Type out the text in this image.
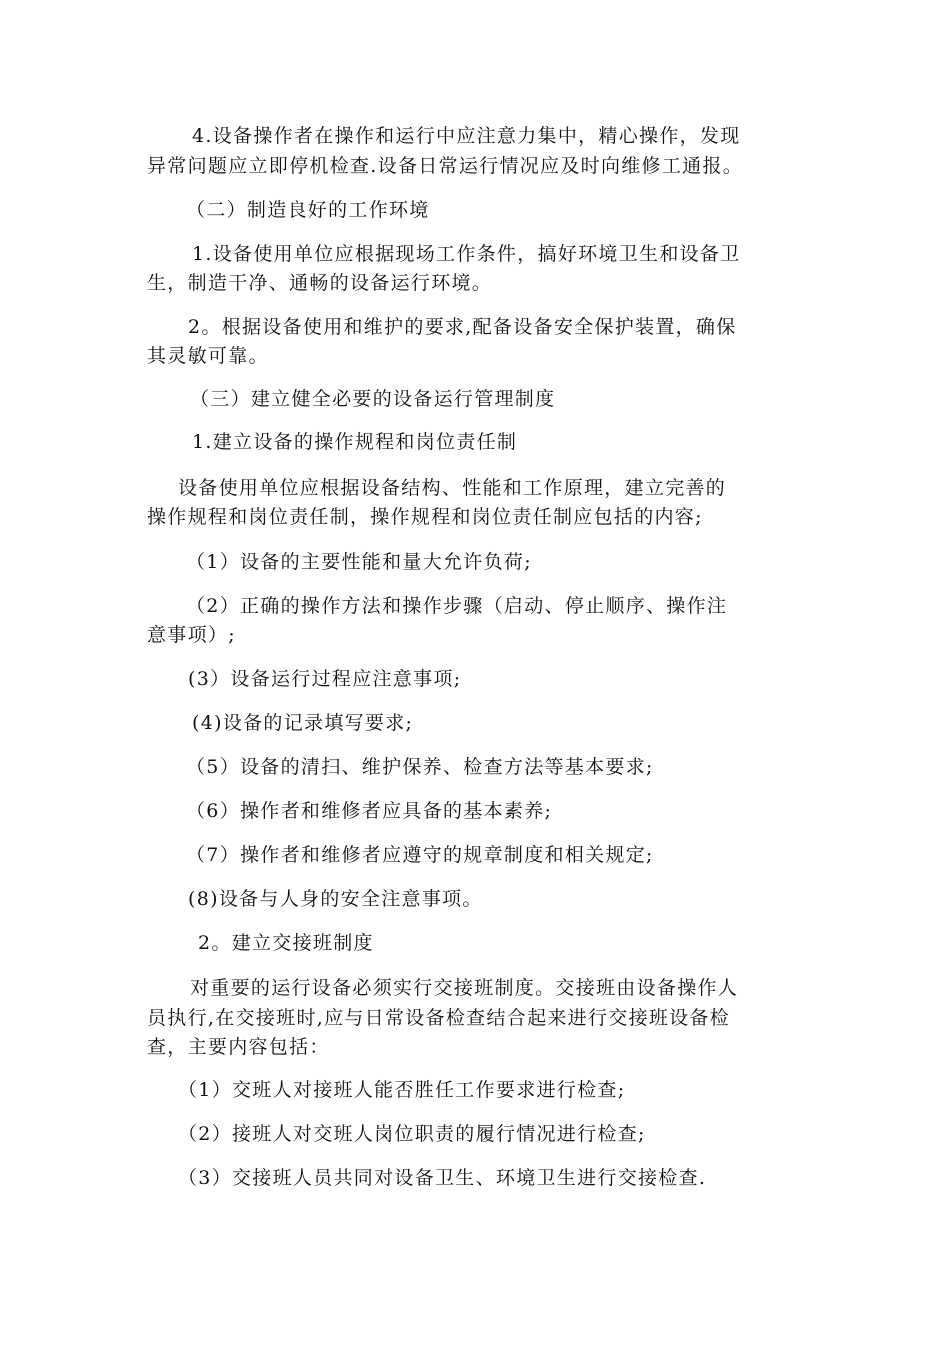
4.设备操作者在操作和运行中应注意力集中，精心操作，发现
异常问题应立即停机检查.设备日常运行情况应及时向维修工通报。
（二）制造良好的工作环境
1.设备使用单位应根据现场工作条件，搞好环境卫生和设备卫
生，制造干净、通畅的设备运行环境。
2。根据设备使用和维护的要求,配备设备安全保护装置，确保
其灵敏可靠。
（三）建立健全必要的设备运行管理制度
1.建立设备的操作规程和岗位责任制
设备使用单位应根据设备结构、性能和工作原理，建立完善的
操作规程和岗位责任制，操作规程和岗位责任制应包括的内容;
（1）设备的主要性能和量大允许负荷;
（2）正确的操作方法和操作步骤（启动、停止顺序、操作注
意事项）;
(3）设备运行过程应注意事项;
(4)设备的记录填写要求;
（5）设备的清扫、维护保养、检查方法等基本要求;
（6）操作者和维修者应具备的基本素养;
（7）操作者和维修者应遵守的规章制度和相关规定;
(8)设备与人身的安全注意事项。
2。建立交接班制度
对重要的运行设备必须实行交接班制度。交接班由设备操作人
员执行,在交接班时,应与日常设备检查结合起来进行交接班设备检
查，主要内容包括：
（1）交班人对接班人能否胜任工作要求进行检查;
（2）接班人对交班人岗位职责的履行情况进行检查;
（3）交接班人员共同对设备卫生、环境卫生进行交接检查.
